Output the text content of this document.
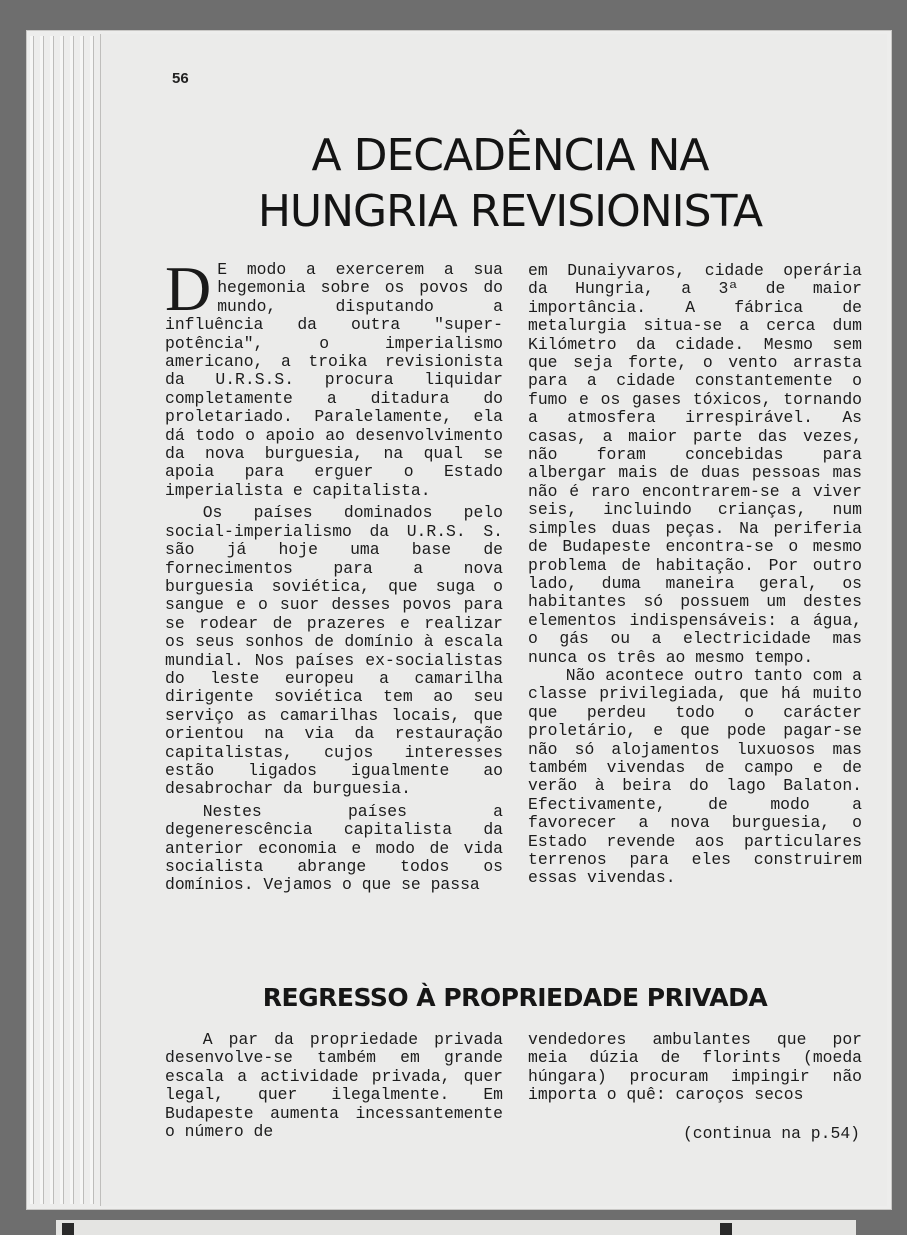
56
A DECADÊNCIA NA
HUNGRIA REVISIONISTA

D E modo a exercerem a sua hegemonia sobre os povos do mundo, disputando a influência da outra "super-potência", o imperialismo americano, a troika revisionista da U.R.S.S. procura liquidar completamente a ditadura do proletariado. Paralelamente, ela dá todo o apoio ao desenvolvimento da nova burguesia, na qual se apoia para erguer o Estado imperialista e capitalista.

Os países dominados pelo social-imperialismo da U.R.S. S. são já hoje uma base de fornecimentos para a nova burguesia soviética, que suga o sangue e o suor desses povos para se rodear de prazeres e realizar os seus sonhos de domínio à escala mundial. Nos países ex-socialistas do leste europeu a camarilha dirigente soviética tem ao seu serviço as camarilhas locais, que orientou na via da restauração capitalistas, cujos interesses estão ligados igualmente ao desabrochar da burguesia.

Nestes países a degenerescência capitalista da anterior economia e modo de vida socialista abrange todos os domínios. Vejamos o que se passa

em Dunaiyvaros, cidade operária da Hungria, a 3ª de maior importância. A fábrica de metalurgia situa-se a cerca dum Kilómetro da cidade. Mesmo sem que seja forte, o vento arrasta para a cidade constantemente o fumo e os gases tóxicos, tornando a atmosfera irrespirável. As casas, a maior parte das vezes, não foram concebidas para albergar mais de duas pessoas mas não é raro encontrarem-se a viver seis, incluindo crianças, num simples duas peças. Na periferia de Budapeste encontra-se o mesmo problema de habitação. Por outro lado, duma maneira geral, os habitantes só possuem um destes elementos indispensáveis: a água, o gás ou a electricidade mas nunca os três ao mesmo tempo.

Não acontece outro tanto com a classe privilegiada, que há muito que perdeu todo o carácter proletário, e que pode pagar-se não só alojamentos luxuosos mas também vivendas de campo e de verão à beira do lago Balaton. Efectivamente, de modo a favorecer a nova burguesia, o Estado revende aos particulares terrenos para eles construirem essas vivendas.

REGRESSO À PROPRIEDADE PRIVADA

A par da propriedade privada desenvolve-se também em grande escala a actividade privada, quer legal, quer ilegalmente. Em Budapeste aumenta incessantemente o número de

vendedores ambulantes que por meia dúzia de florints (moeda húngara) procuram impingir não importa o quê: caroços secos

(continua na p.54)
